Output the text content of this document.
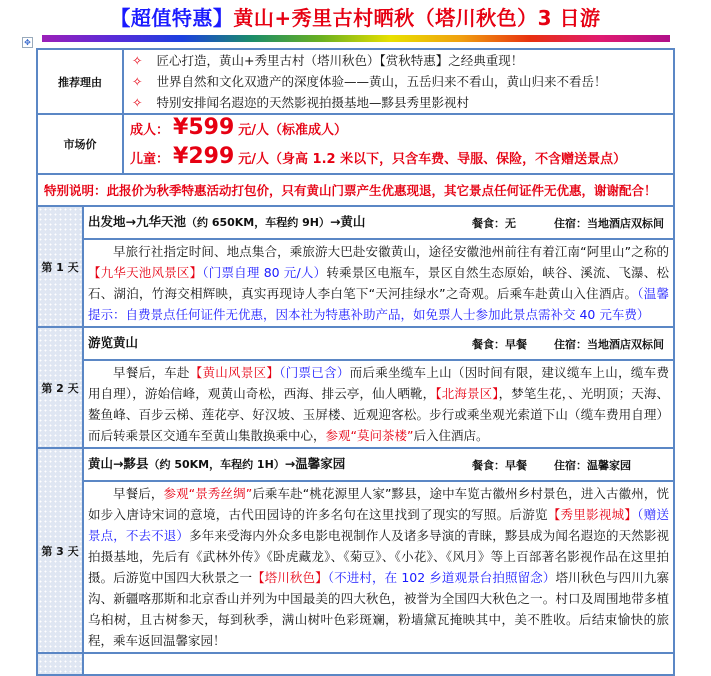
【超值特惠】黄山+秀里古村晒秋（塔川秋色）3 日游
✥
推荐理由		✧ 匠心打造，黄山+秀里古村（塔川秋色）【赏秋特惠】之经典重现！
✧ 世界自然和文化双遗产的深度体验——黄山，五岳归来不看山，黄山归来不看岳！
✧ 特别安排闻名遐迩的天然影视拍摄基地—黟县秀里影视村

市场价		成人： ¥599 元/人（标准成人）
儿童： ¥299 元/人（身高 1.2 米以下，只含车费、导服、保险，不含赠送景点）

特别说明：此报价为秋季特惠活动打包价，只有黄山门票产生优惠现退，其它景点任何证件无优惠，谢谢配合！		
第 1 天	出发地→九华天池（约 650KM，车程约 9H）→黄山 餐食：无 住宿：当地酒店双标间	

	早旅行社指定时间、地点集合，乘旅游大巴赴安徽黄山，途径安徽池州前往有着江南“阿里山”之称的【九华天池风景区】（门票自理 80 元/人）转乘景区电瓶车，景区自然生态原始，峡谷、溪流、飞瀑、松石、湖泊，竹海交相辉映，真实再现诗人李白笔下“天河挂绿水”之奇观。后乘车赴黄山入住酒店。（温馨提示：自费景点任何证件无优惠，因本社为特惠补助产品，如免票人士参加此景点需补交 40 元车费）	
第 2 天	游览黄山 餐食：早餐 住宿：当地酒店双标间	

	早餐后，车赴【黄山风景区】（门票已含）而后乘坐缆车上山（因时间有限，建议缆车上山，缆车费用自理），游始信峰，观黄山奇松，西海、排云亭，仙人晒靴，【北海景区】，梦笔生花，、光明顶；天海、鳌鱼峰、百步云梯、莲花亭、好汉坡、玉屏楼、近观迎客松。步行或乘坐观光索道下山（缆车费用自理）而后转乘景区交通车至黄山集散换乘中心，参观“莫问茶楼”后入住酒店。	
第 3 天	黄山→黟县（约 50KM，车程约 1H）→温馨家园 餐食：早餐 住宿：温馨家园	

	早餐后，参观“景秀丝绸”后乘车赴“桃花源里人家”黟县，途中车览古徽州乡村景色，进入古徽州，恍如步入唐诗宋词的意境，古代田园诗的许多名句在这里找到了现实的写照。后游览【秀里影视城】（赠送景点，不去不退）多年来受海内外众多电影电视制作人及诸多导演的青睐，黟县成为闻名遐迩的天然影视拍摄基地，先后有《武林外传》《卧虎藏龙》、《菊豆》、《小花》、《风月》等上百部著名影视作品在这里拍摄。后游览中国四大秋景之一【塔川秋色】（不进村，在 102 乡道观景台拍照留念）塔川秋色与四川九寨沟、新疆喀那斯和北京香山并列为中国最美的四大秋色，被誉为全国四大秋色之一。村口及周围地带多植乌桕树，且古树参天，每到秋季，满山树叶色彩斑斓，粉墙黛瓦掩映其中，美不胜收。后结束愉快的旅程，乘车返回温馨家园！	
